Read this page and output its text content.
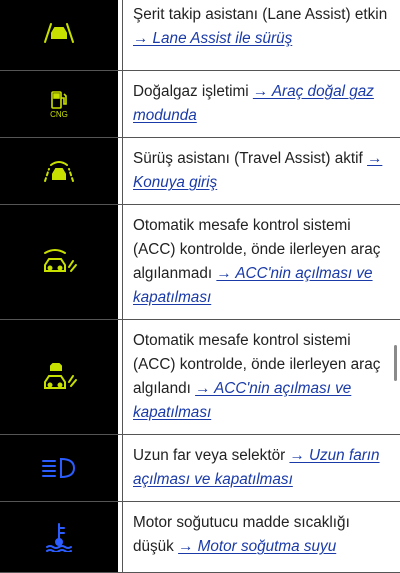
Şerit takip asistanı (Lane Assist) etkin → Lane Assist ile sürüş
CNG
Doğalgaz işletimi → Araç doğal gaz modunda
Sürüş asistanı (Travel Assist) aktif → Konuya giriş
Otomatik mesafe kontrol sistemi (ACC) kontrolde, önde ilerleyen araç algılanmadı → ACC'nin açılması ve kapatılması
Otomatik mesafe kontrol sistemi (ACC) kontrolde, önde ilerleyen araç algılandı → ACC'nin açılması ve kapatılması
Uzun far veya selektör → Uzun farın açılması ve kapatılması
Motor soğutucu madde sıcaklığı düşük → Motor soğutma suyu
